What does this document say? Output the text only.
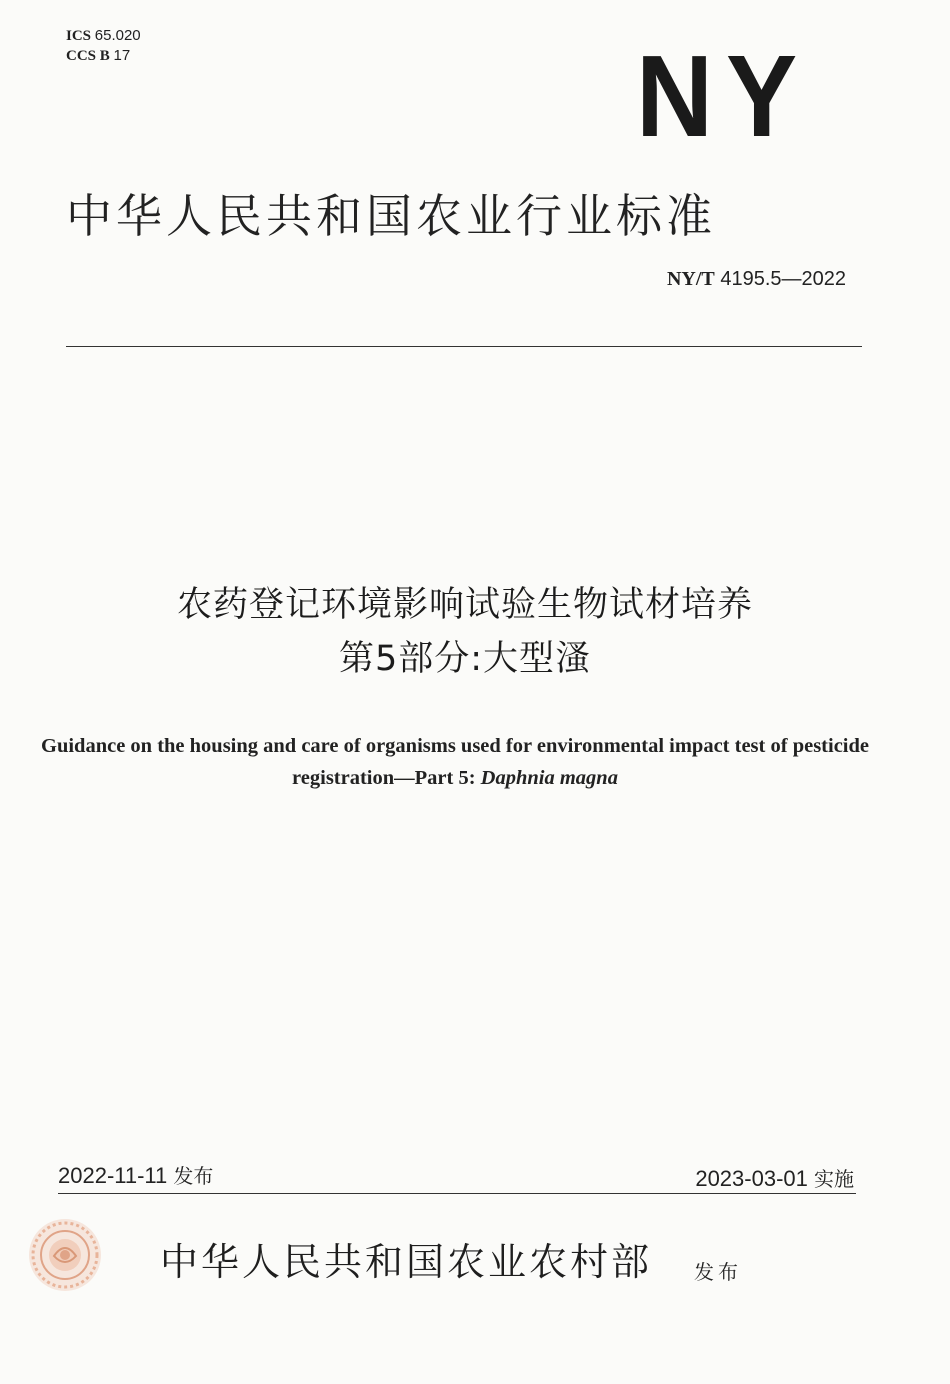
ICS 65.020
CCS B 17	NY
中华人民共和国农业行业标准
NY/T 4195.5—2022
农药登记环境影响试验生物试材培养
第5部分:大型溞
Guidance on the housing and care of organisms used for environmental impact test of pesticide registration—Part 5: Daphnia magna
2022-11-11 发布	2023-03-01 实施
中华人民共和国农业农村部 发布
